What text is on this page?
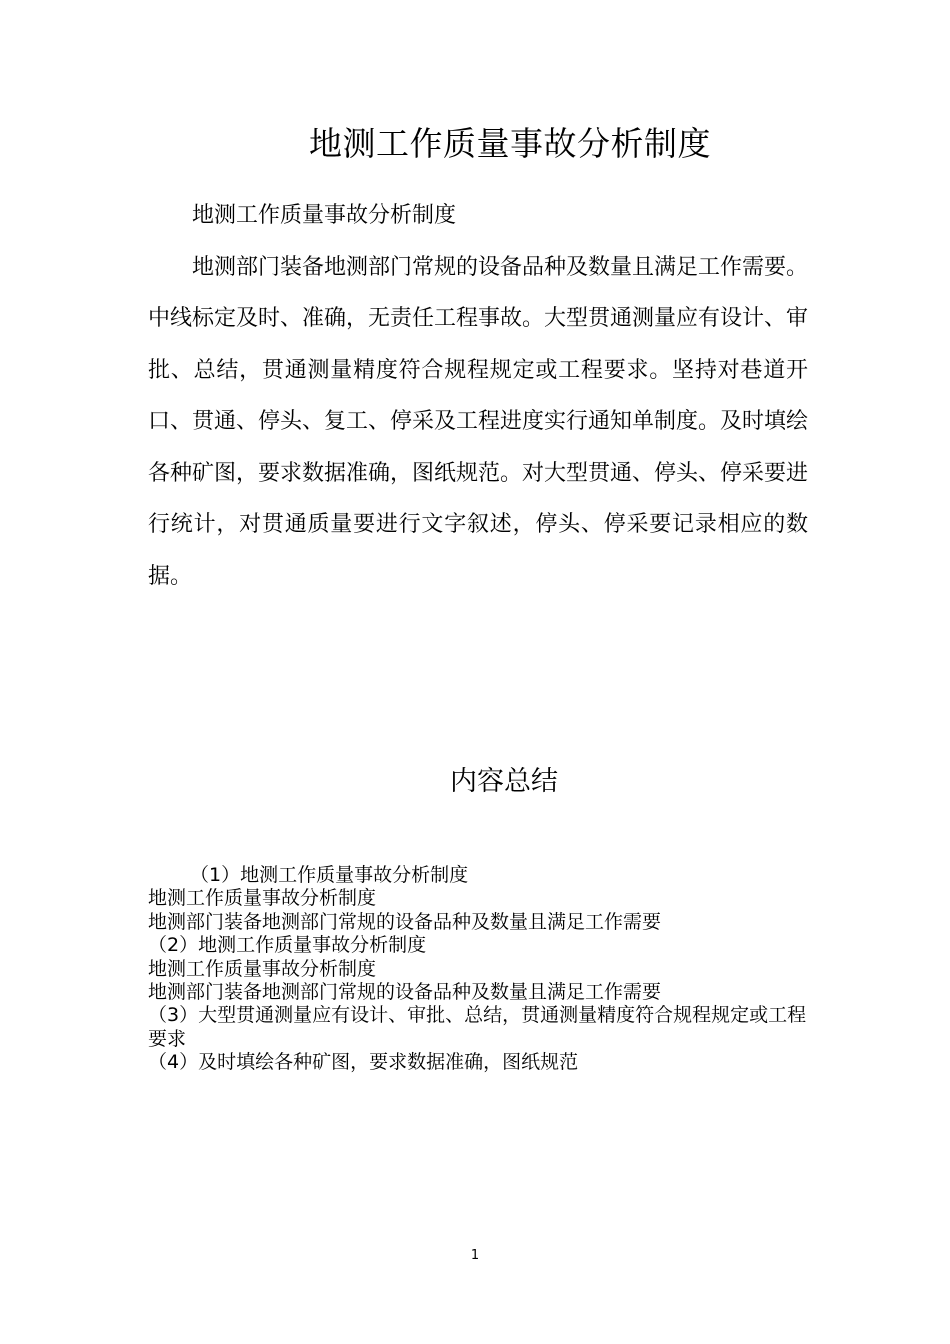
地测工作质量事故分析制度

地测工作质量事故分析制度

地测部门装备地测部门常规的设备品种及数量且满足工作需要。中线标定及时、准确，无责任工程事故。大型贯通测量应有设计、审批、总结，贯通测量精度符合规程规定或工程要求。坚持对巷道开口、贯通、停头、复工、停采及工程进度实行通知单制度。及时填绘各种矿图，要求数据准确，图纸规范。对大型贯通、停头、停采要进行统计，对贯通质量要进行文字叙述，停头、停采要记录相应的数据。

内容总结
（1）地测工作质量事故分析制度
地测工作质量事故分析制度
地测部门装备地测部门常规的设备品种及数量且满足工作需要
（2）地测工作质量事故分析制度
地测工作质量事故分析制度
地测部门装备地测部门常规的设备品种及数量且满足工作需要
（3）大型贯通测量应有设计、审批、总结，贯通测量精度符合规程规定或工程要求
（4）及时填绘各种矿图，要求数据准确，图纸规范
1
